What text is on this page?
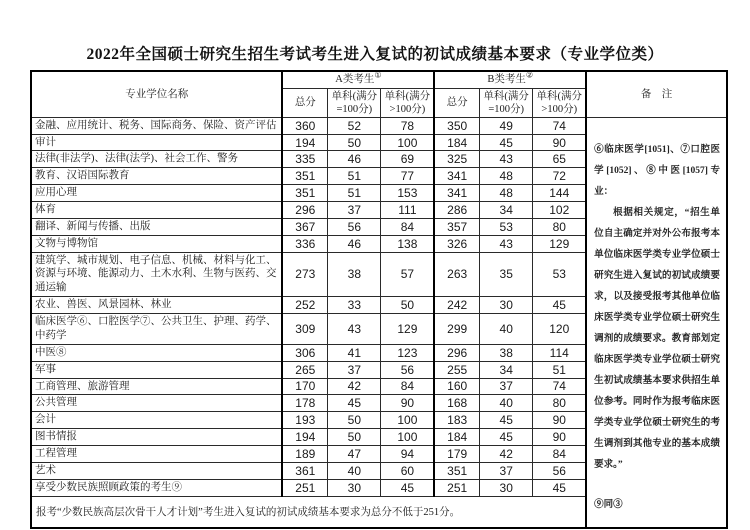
2022年全国硕士研究生招生考试考生进入复试的初试成绩基本要求（专业学位类）
专业学位名称	A类考生①			B类考生②			备　注
	总分	单科(满分=100分)	单科(满分>100分)	总分	单科(满分=100分)	单科(满分>100分)	
金融、应用统计、税务、国际商务、保险、资产评估	360	52	78	350	49	74	⑥临床医学[1051]、⑦口腔医学[1052]、⑧中医[1057]专业：

根据相关规定，“招生单位自主确定并对外公布报考本单位临床医学类专业学位硕士研究生进入复试的初试成绩要求，以及接受报考其他单位临床医学类专业学位硕士研究生调剂的成绩要求。教育部划定临床医学类专业学位硕士研究生初试成绩基本要求供招生单位参考。同时作为报考临床医学类专业学位硕士研究生的考生调剂到其他专业的基本成绩要求。”

⑨同③

审计	194	50	100	184	45	90	
法律(非法学)、法律(法学)、社会工作、警务	335	46	69	325	43	65	
教育、汉语国际教育	351	51	77	341	48	72	
应用心理	351	51	153	341	48	144	
体育	296	37	111	286	34	102	
翻译、新闻与传播、出版	367	56	84	357	53	80	
文物与博物馆	336	46	138	326	43	129	
建筑学、城市规划、电子信息、机械、材料与化工、资源与环境、能源动力、土木水利、生物与医药、交通运输	273	38	57	263	35	53	
农业、兽医、风景园林、林业	252	33	50	242	30	45	
临床医学⑥、口腔医学⑦、公共卫生、护理、药学、中药学	309	43	129	299	40	120	
中医⑧	306	41	123	296	38	114	
军事	265	37	56	255	34	51	
工商管理、旅游管理	170	42	84	160	37	74	
公共管理	178	45	90	168	40	80	
会计	193	50	100	183	45	90	
图书情报	194	50	100	184	45	90	
工程管理	189	47	94	179	42	84	
艺术	361	40	60	351	37	56	
享受少数民族照顾政策的考生⑨	251	30	45	251	30	45	
报考“少数民族高层次骨干人才计划”考生进入复试的初试成绩基本要求为总分不低于251分。							
